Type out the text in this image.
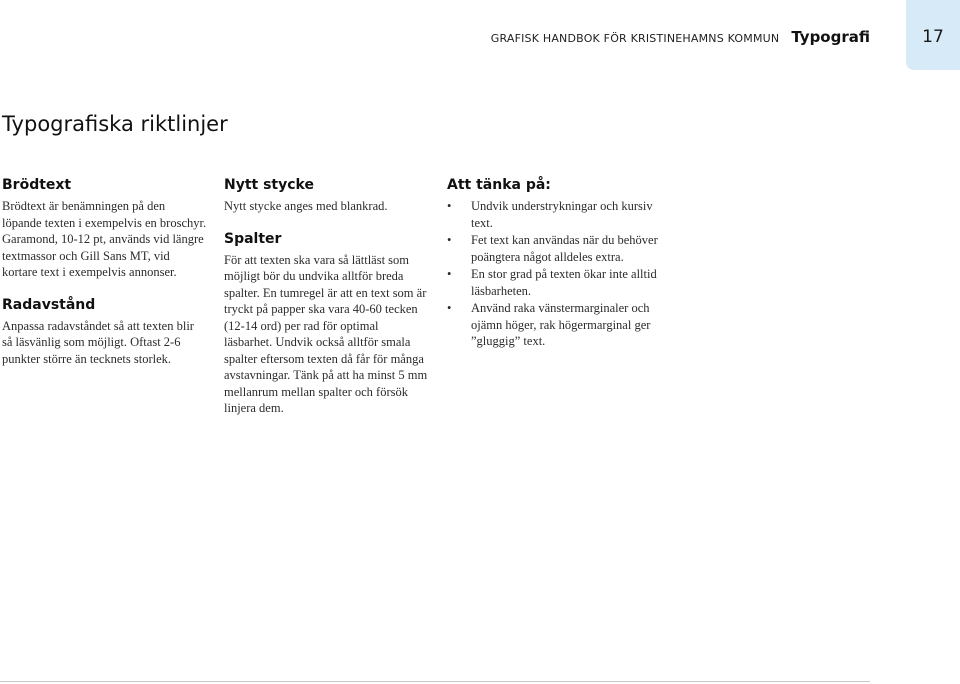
GRAFISK HANDBOK FÖR KRISTINEHAMNS KOMMUN Typografi	17
Typografiska riktlinjer
Brödtext

Brödtext är benämningen på den löpande texten i exempelvis en broschyr. Garamond, 10-12 pt, används vid längre textmassor och Gill Sans MT, vid kortare text i exempelvis annonser.

Radavstånd

Anpassa radavståndet så att texten blir så läsvänlig som möjligt. Oftast 2-6 punkter större än tecknets storlek.

Nytt stycke

Nytt stycke anges med blankrad.

Spalter

För att texten ska vara så lättläst som möjligt bör du undvika alltför breda spalter. En tumregel är att en text som är tryckt på papper ska vara 40-60 tecken (12-14 ord) per rad för optimal läsbarhet. Undvik också alltför smala spalter eftersom texten då får för många avstavningar. Tänk på att ha minst 5 mm mellanrum mellan spalter och försök linjera dem.

Att tänka på:
• Undvik understrykningar och kursiv text.
• Fet text kan användas när du behöver poängtera något alldeles extra.
• En stor grad på texten ökar inte alltid läsbarheten.
• Använd raka vänstermarginaler och ojämn höger, rak högermarginal ger ”gluggig” text.
